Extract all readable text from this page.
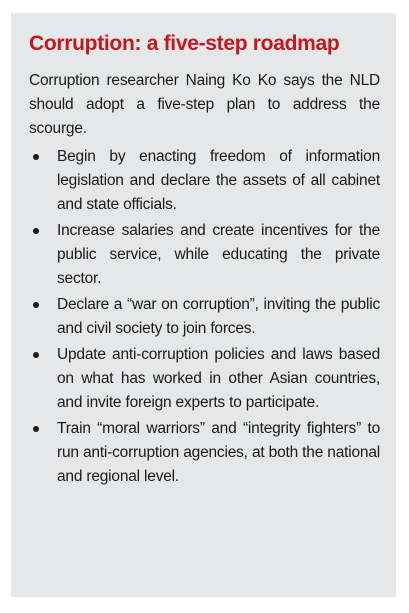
Corruption: a five-step roadmap

Corruption researcher Naing Ko Ko says the NLD should adopt a five-step plan to address the scourge.

Begin by enacting freedom of information legislation and declare the assets of all cabinet and state officials.
Increase salaries and create incentives for the public service, while educating the private sector.
Declare a “war on corruption”, inviting the public and civil society to join forces.
Update anti-corruption policies and laws based on what has worked in other Asian countries, and invite foreign experts to participate.
Train “moral warriors” and “integrity fighters” to run anti-corruption agencies, at both the national and regional level.
